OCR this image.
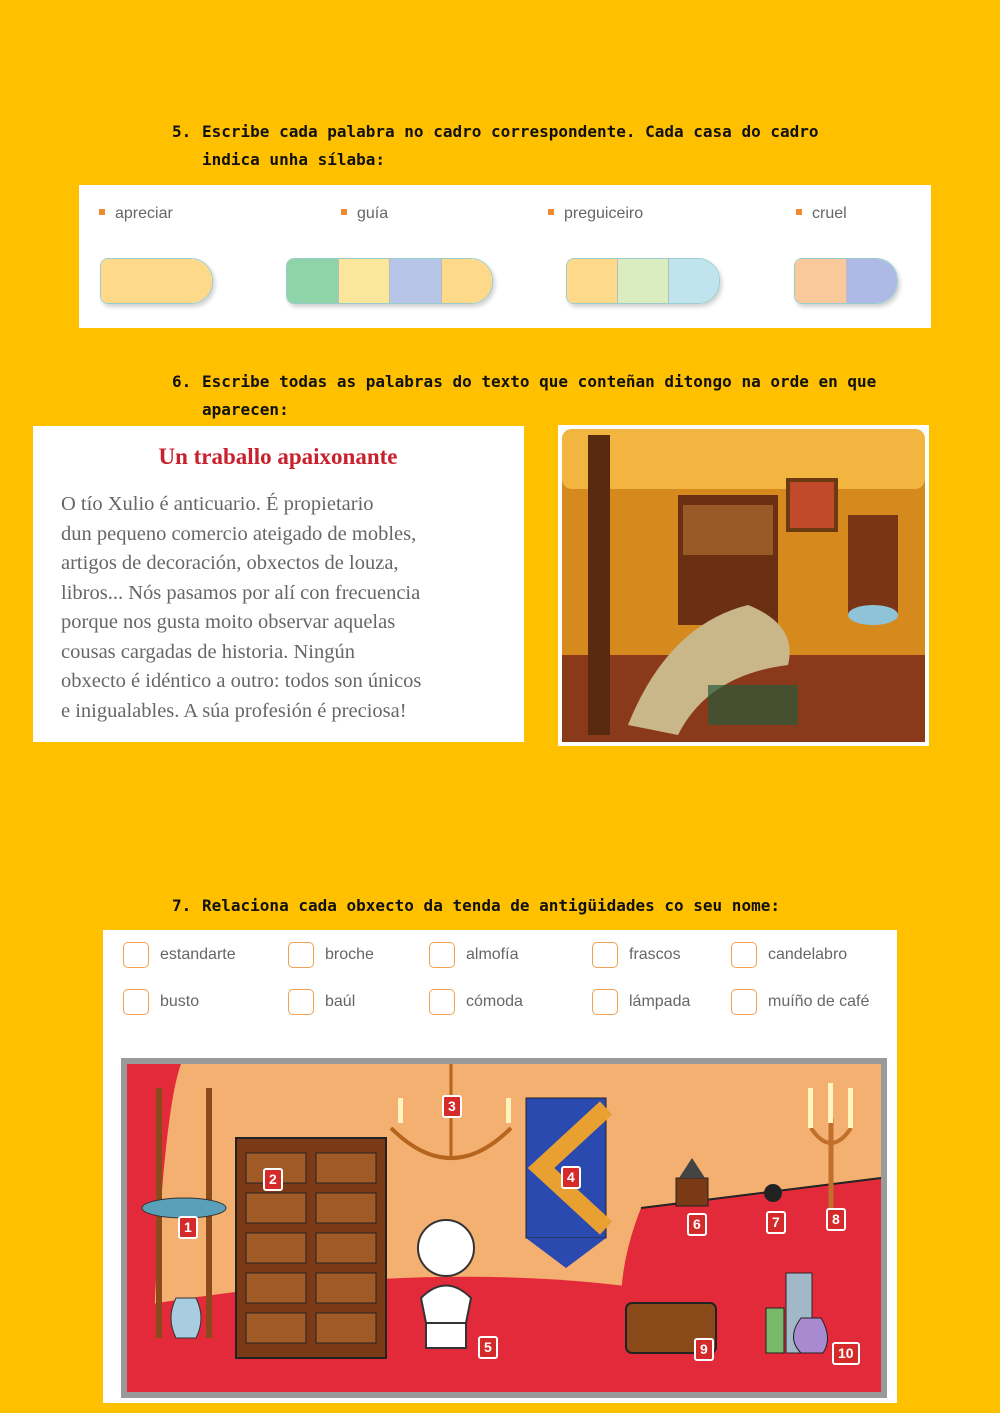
5. Escribe cada palabra no cadro correspondente. Cada casa do cadro
indica unha sílaba:
apreciar	guía	preguiceiro	cruel
6. Escribe todas as palabras do texto que conteñan ditongo na orde en que
aparecen:
Un traballo apaixonante
O tío Xulio é anticuario. É propietario
dun pequeno comercio ateigado de mobles,
artigos de decoración, obxectos de louza,
libros... Nós pasamos por alí con frecuencia
porque nos gusta moito observar aquelas
cousas cargadas de historia. Ningún
obxecto é idéntico a outro: todos son únicos
e inigualables. A súa profesión é preciosa!
7. Relaciona cada obxecto da tenda de antigüidades co seu nome:
estandarte	broche	almofía	frascos	candelabro
busto	baúl	cómoda	lámpada	muíño de café
1
2
3
4
5
6	7	8
9	10
